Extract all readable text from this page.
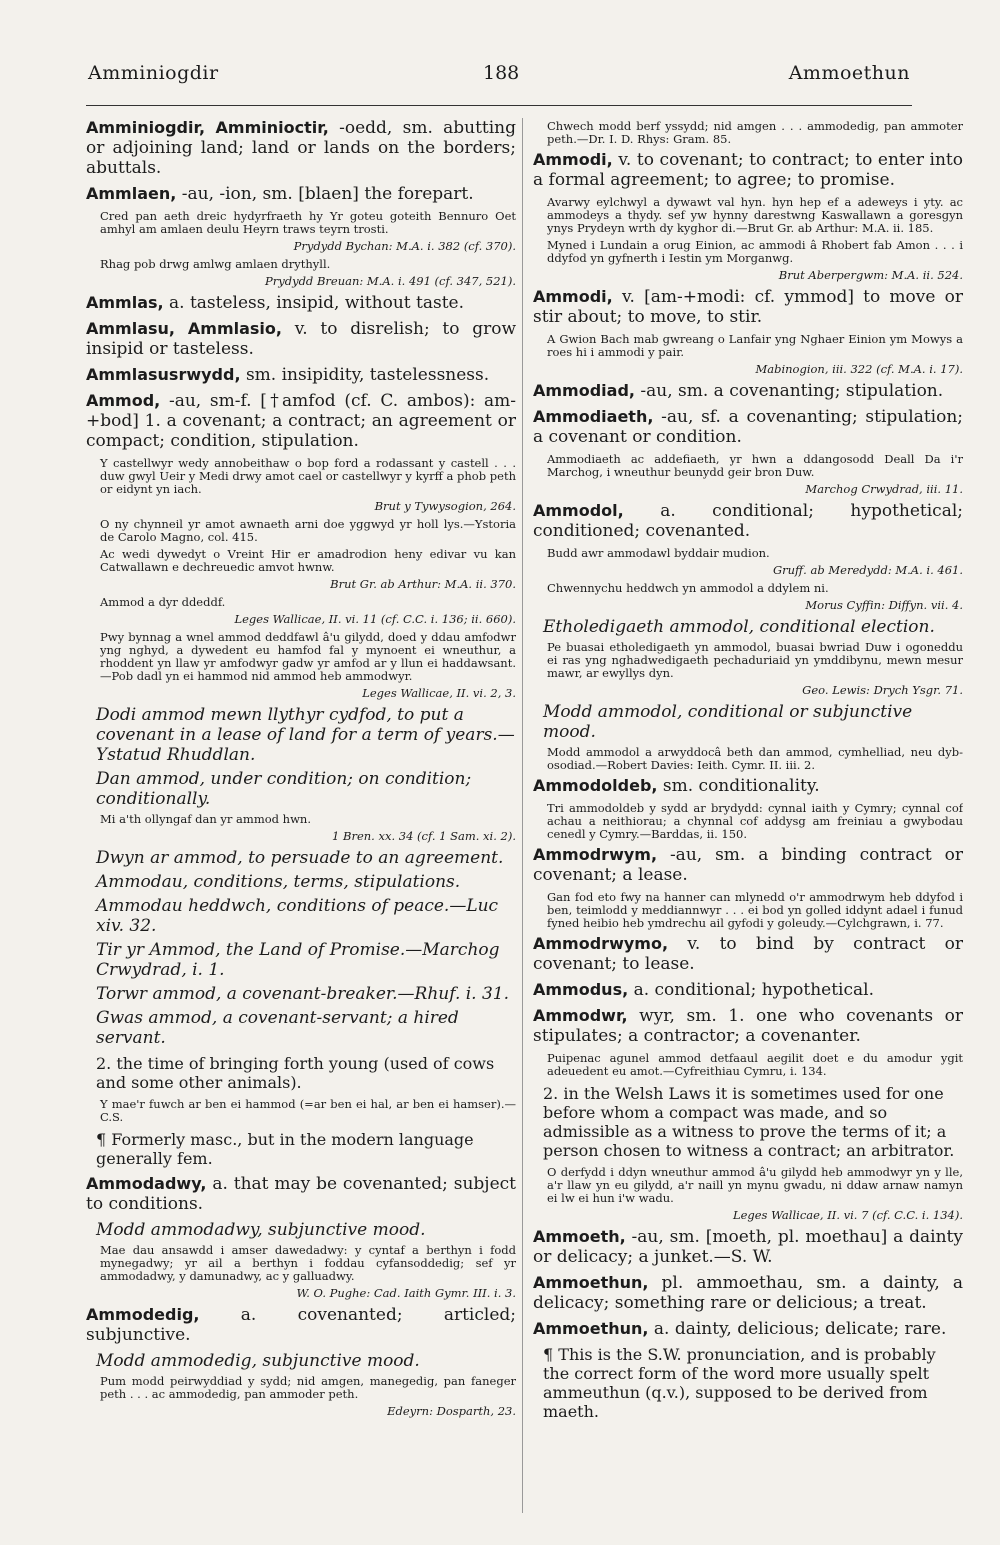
Amminiogdir	188	Ammoethun
Amminiogdir, Amminioctir, -oedd, sm. abutting or adjoining land; land or lands on the borders; abuttals.
Ammlaen, -au, -ion, sm. [blaen] the forepart.
Cred pan aeth dreic hydyrfraeth hy Yr goteu goteith Bennuro Oet amhyl am amlaen deulu Heyrn traws teyrn trosti.
Prydydd Bychan: M.A. i. 382 (cf. 370).
Rhag pob drwg amlwg amlaen drythyll.
Prydydd Breuan: M.A. i. 491 (cf. 347, 521).
Ammlas, a. tasteless, insipid, without taste.
Ammlasu, Ammlasio, v. to disrelish; to grow insipid or tasteless.
Ammlasusrwydd, sm. insipidity, tastelessness.
Ammod, -au, sm-f. [†amfod (cf. C. ambos): am-+bod] 1. a covenant; a contract; an agreement or compact; condition, stipulation.
Y castellwyr wedy annobeithaw o bop ford a rodassant y castell . . . duw gwyl Ueir y Medi drwy amot cael or castellwyr y kyrff a phob peth or eidynt yn iach.
Brut y Tywysogion, 264.
O ny chynneil yr amot awnaeth arni doe yggwyd yr holl lys.—Ystoria de Carolo Magno, col. 415.
Ac wedi dywedyt o Vreint Hir er amadrodion heny edivar vu kan Catwallawn e dechreuedic amvot hwnw.
Brut Gr. ab Arthur: M.A. ii. 370.
Ammod a dyr ddeddf.
Leges Wallicae, II. vi. 11 (cf. C.C. i. 136; ii. 660).
Pwy bynnag a wnel ammod deddfawl â'u gilydd, doed y ddau amfodwr yng nghyd, a dywedent eu hamfod fal y mynoent ei wneuthur, a rhoddent yn llaw yr amfodwyr gadw yr amfod ar y llun ei haddawsant.—Pob dadl yn ei hammod nid ammod heb ammodwyr.
Leges Wallicae, II. vi. 2, 3.
Dodi ammod mewn llythyr cydfod, to put a covenant in a lease of land for a term of years.—Ystatud Rhuddlan.
Dan ammod, under condition; on condition; conditionally.
Mi a'th ollyngaf dan yr ammod hwn.
1 Bren. xx. 34 (cf. 1 Sam. xi. 2).
Dwyn ar ammod, to persuade to an agreement.
Ammodau, conditions, terms, stipulations.
Ammodau heddwch, conditions of peace.—Luc xiv. 32.
Tir yr Ammod, the Land of Promise.—Marchog Crwydrad, i. 1.
Torwr ammod, a covenant-breaker.—Rhuf. i. 31.
Gwas ammod, a covenant-servant; a hired servant.
2. the time of bringing forth young (used of cows and some other animals).
Y mae'r fuwch ar ben ei hammod (=ar ben ei hal, ar ben ei hamser).—C.S.
¶ Formerly masc., but in the modern language generally fem.
Ammodadwy, a. that may be covenanted; subject to conditions.
Modd ammodadwy, subjunctive mood.
Mae dau ansawdd i amser dawedadwy: y cyntaf a berthyn i fodd mynegadwy; yr ail a berthyn i foddau cyfansoddedig; sef yr ammodadwy, y damunadwy, ac y galluadwy.
W. O. Pughe: Cad. Iaith Gymr. III. i. 3.
Ammodedig, a. covenanted; articled; subjunctive.
Modd ammodedig, subjunctive mood.
Pum modd peirwyddiad y sydd; nid amgen, manegedig, pan faneger peth . . . ac ammodedig, pan ammoder peth.
Edeyrn: Dosparth, 23.
Chwech modd berf yssydd; nid amgen . . . ammodedig, pan ammoter peth.—Dr. I. D. Rhys: Gram. 85.
Ammodi, v. to covenant; to contract; to enter into a formal agreement; to agree; to promise.
Avarwy eylchwyl a dywawt val hyn. hyn hep ef a adeweys i yty. ac ammodeys a thydy. sef yw hynny darestwng Kaswallawn a goresgyn ynys Prydeyn wrth dy kyghor di.—Brut Gr. ab Arthur: M.A. ii. 185.
Myned i Lundain a orug Einion, ac ammodi â Rhobert fab Amon . . . i ddyfod yn gyfnerth i Iestin ym Morganwg.
Brut Aberpergwm: M.A. ii. 524.
Ammodi, v. [am-+modi: cf. ymmod] to move or stir about; to move, to stir.
A Gwion Bach mab gwreang o Lanfair yng Nghaer Einion ym Mowys a roes hi i ammodi y pair.
Mabinogion, iii. 322 (cf. M.A. i. 17).
Ammodiad, -au, sm. a covenanting; stipulation.
Ammodiaeth, -au, sf. a covenanting; stipulation; a covenant or condition.
Ammodiaeth ac addefiaeth, yr hwn a ddangosodd Deall Da i'r Marchog, i wneuthur beunydd geir bron Duw.
Marchog Crwydrad, iii. 11.
Ammodol, a. conditional; hypothetical; conditioned; covenanted.
Budd awr ammodawl byddair mudion.
Gruff. ab Meredydd: M.A. i. 461.
Chwennychu heddwch yn ammodol a ddylem ni.
Morus Cyffin: Diffyn. vii. 4.
Etholedigaeth ammodol, conditional election.
Pe buasai etholedigaeth yn ammodol, buasai bwriad Duw i ogoneddu ei ras yng nghadwedigaeth pechaduriaid yn ymddibynu, mewn mesur mawr, ar ewyllys dyn.
Geo. Lewis: Drych Ysgr. 71.
Modd ammodol, conditional or subjunctive mood.
Modd ammodol a arwyddocâ beth dan ammod, cymhelliad, neu dyb-osodiad.—Robert Davies: Ieith. Cymr. II. iii. 2.
Ammodoldeb, sm. conditionality.
Tri ammodoldeb y sydd ar brydydd: cynnal iaith y Cymry; cynnal cof achau a neithiorau; a chynnal cof addysg am freiniau a gwybodau cenedl y Cymry.—Barddas, ii. 150.
Ammodrwym, -au, sm. a binding contract or covenant; a lease.
Gan fod eto fwy na hanner can mlynedd o'r ammodrwym heb ddyfod i ben, teimlodd y meddiannwyr . . . ei bod yn golled iddynt adael i funud fyned heibio heb ymdrechu ail gyfodi y goleudy.—Cylchgrawn, i. 77.
Ammodrwymo, v. to bind by contract or covenant; to lease.
Ammodus, a. conditional; hypothetical.
Ammodwr, wyr, sm. 1. one who covenants or stipulates; a contractor; a covenanter.
Puipenac agunel ammod detfaaul aegilit doet e du amodur ygit adeuedent eu amot.—Cyfreithiau Cymru, i. 134.
2. in the Welsh Laws it is sometimes used for one before whom a compact was made, and so admissible as a witness to prove the terms of it; a person chosen to witness a contract; an arbitrator.
O derfydd i ddyn wneuthur ammod â'u gilydd heb ammodwyr yn y lle, a'r llaw yn eu gilydd, a'r naill yn mynu gwadu, ni ddaw arnaw namyn ei lw ei hun i'w wadu.
Leges Wallicae, II. vi. 7 (cf. C.C. i. 134).
Ammoeth, -au, sm. [moeth, pl. moethau] a dainty or delicacy; a junket.—S. W.
Ammoethun, pl. ammoethau, sm. a dainty, a delicacy; something rare or delicious; a treat.
Ammoethun, a. dainty, delicious; delicate; rare.
¶ This is the S.W. pronunciation, and is probably the correct form of the word more usually spelt ammeuthun (q.v.), supposed to be derived from maeth.
